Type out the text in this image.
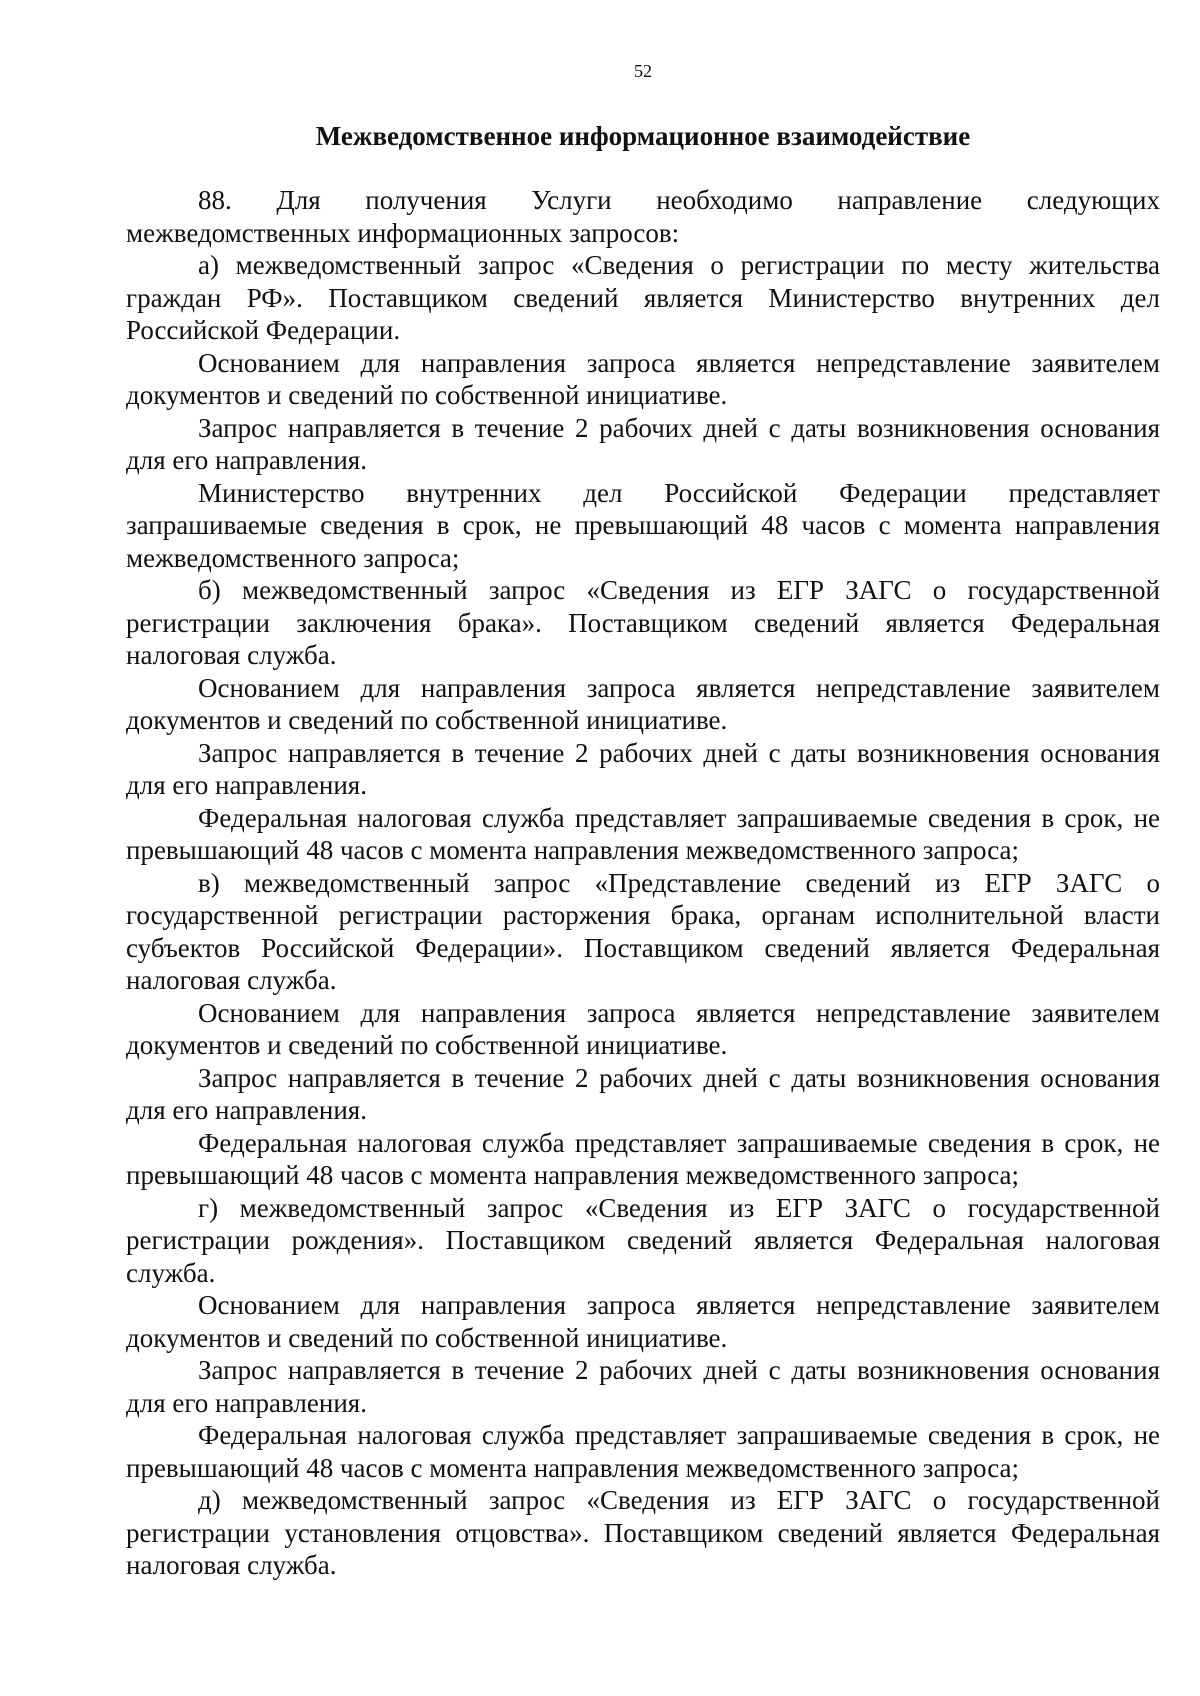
52
Межведомственное информационное взаимодействие

88. Для получения Услуги необходимо направление следующих межведомственных информационных запросов:

а) межведомственный запрос «Сведения о регистрации по месту жительства граждан РФ». Поставщиком сведений является Министерство внутренних дел Российской Федерации.

Основанием для направления запроса является непредставление заявителем документов и сведений по собственной инициативе.

Запрос направляется в течение 2 рабочих дней с даты возникновения основания для его направления.

Министерство внутренних дел Российской Федерации представляет запрашиваемые сведения в срок, не превышающий 48 часов с момента направления межведомственного запроса;

б) межведомственный запрос «Сведения из ЕГР ЗАГС о государственной регистрации заключения брака». Поставщиком сведений является Федеральная налоговая служба.

Основанием для направления запроса является непредставление заявителем документов и сведений по собственной инициативе.

Запрос направляется в течение 2 рабочих дней с даты возникновения основания для его направления.

Федеральная налоговая служба представляет запрашиваемые сведения в срок, не превышающий 48 часов с момента направления межведомственного запроса;

в) межведомственный запрос «Представление сведений из ЕГР ЗАГС о государственной регистрации расторжения брака, органам исполнительной власти субъектов Российской Федерации». Поставщиком сведений является Федеральная налоговая служба.

Основанием для направления запроса является непредставление заявителем документов и сведений по собственной инициативе.

Запрос направляется в течение 2 рабочих дней с даты возникновения основания для его направления.

Федеральная налоговая служба представляет запрашиваемые сведения в срок, не превышающий 48 часов с момента направления межведомственного запроса;

г) межведомственный запрос «Сведения из ЕГР ЗАГС о государственной регистрации рождения». Поставщиком сведений является Федеральная налоговая служба.

Основанием для направления запроса является непредставление заявителем документов и сведений по собственной инициативе.

Запрос направляется в течение 2 рабочих дней с даты возникновения основания для его направления.

Федеральная налоговая служба представляет запрашиваемые сведения в срок, не превышающий 48 часов с момента направления межведомственного запроса;

д) межведомственный запрос «Сведения из ЕГР ЗАГС о государственной регистрации установления отцовства». Поставщиком сведений является Федеральная налоговая служба.
